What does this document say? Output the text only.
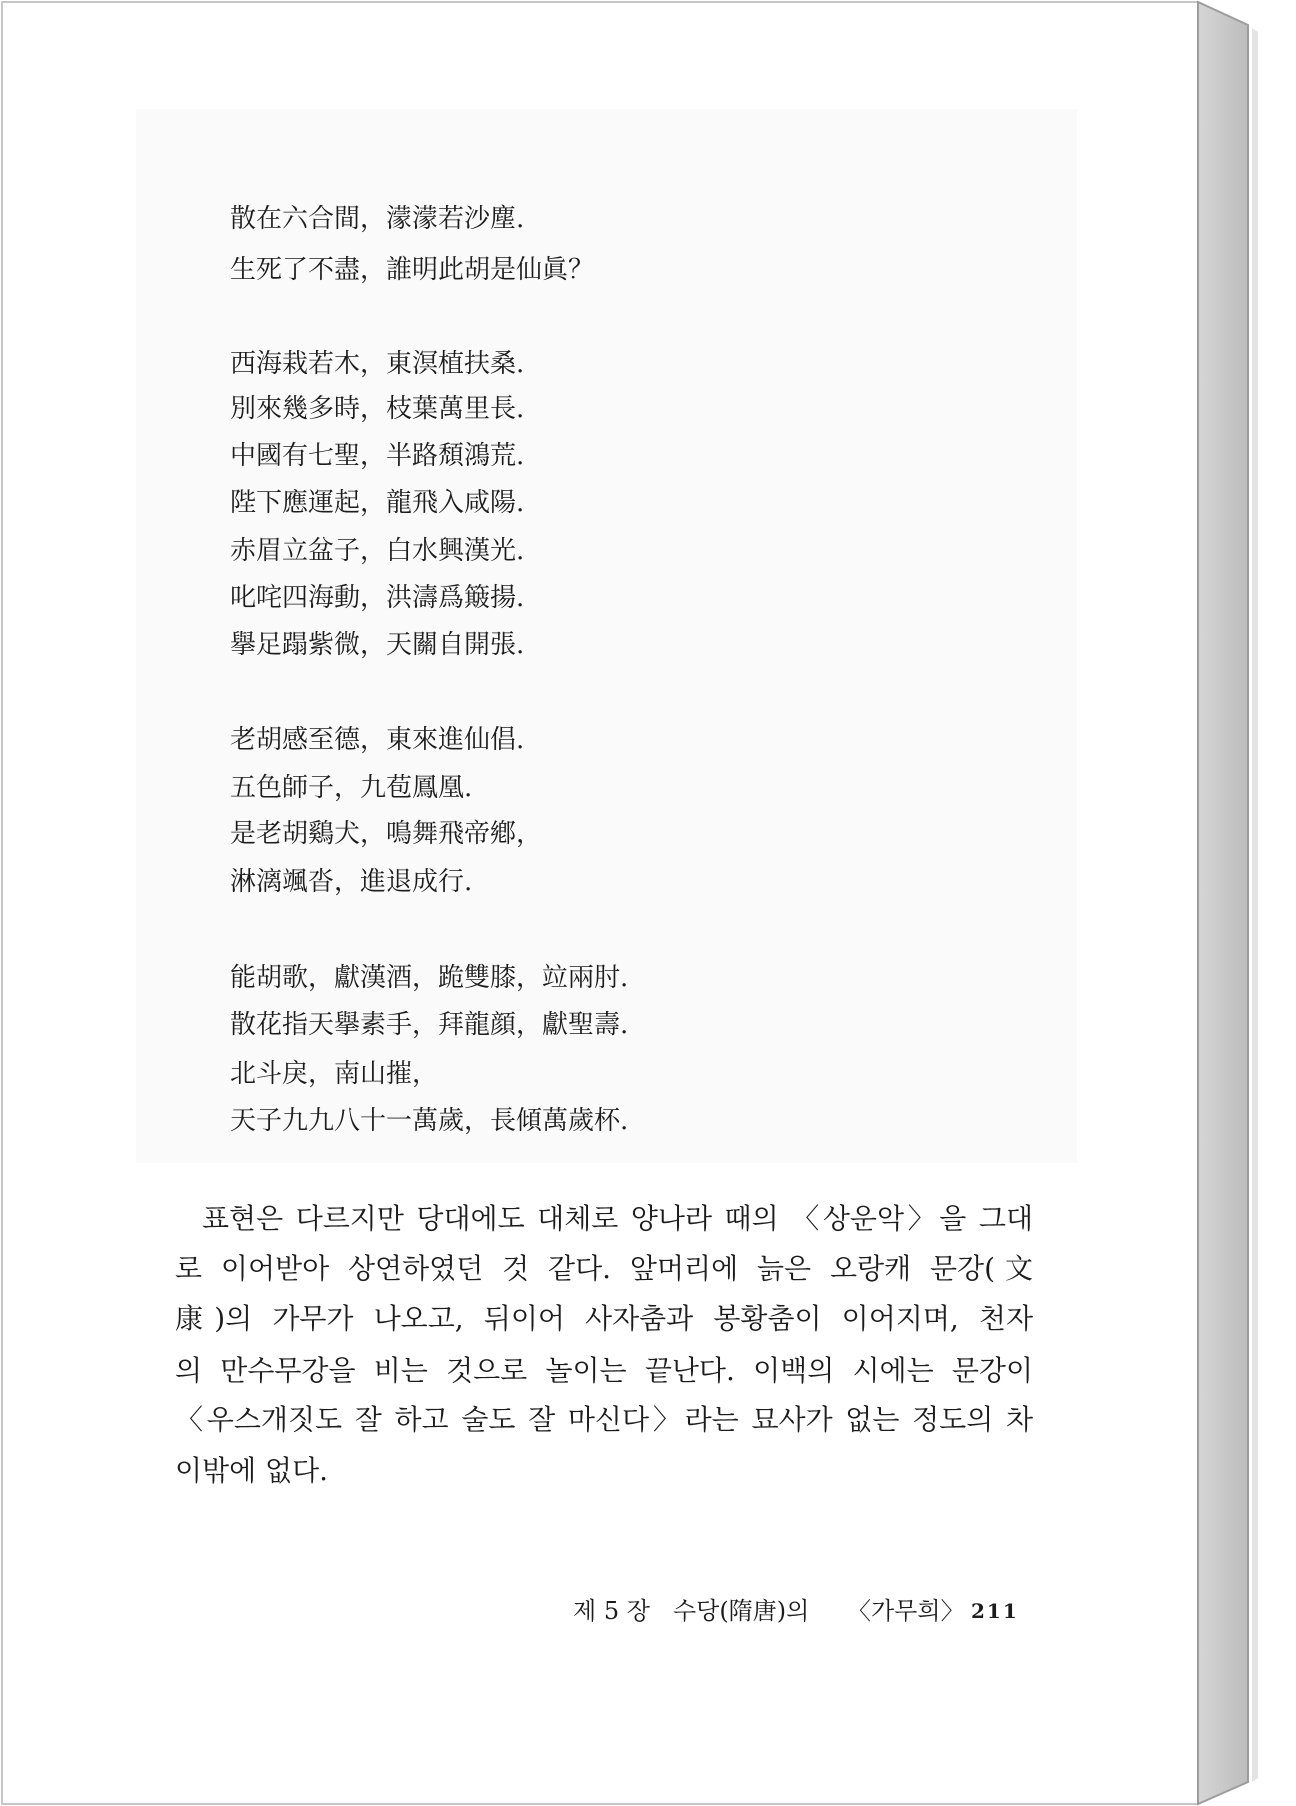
散在六合間，濛濛若沙塵.
生死了不盡，誰明此胡是仙眞？
西海栽若木，東溟植扶桑.
別來幾多時，枝葉萬里長.
中國有七聖，半路頹鴻荒.
陛下應運起，龍飛入咸陽.
赤眉立盆子，白水興漢光.
叱咤四海動，洪濤爲簸揚.
擧足蹋紫微，天關自開張.
老胡感至德，東來進仙倡.
五色師子，九苞鳳凰.
是老胡鷄犬，鳴舞飛帝鄕，
淋漓颯沓，進退成行.
能胡歌，獻漢酒，跪雙膝，竝兩肘.
散花指天擧素手，拜龍顔，獻聖壽.
北斗戾，南山摧，
天子九九八十一萬歲，長傾萬歲杯.
표현은 다르지만 당대에도 대체로 양나라 때의 〈상운악〉을 그대
로 이어받아 상연하였던 것 같다. 앞머리에 늙은 오랑캐 문강(文
康)의 가무가 나오고, 뒤이어 사자춤과 봉황춤이 이어지며, 천자
의 만수무강을 비는 것으로 놀이는 끝난다. 이백의 시에는 문강이
〈우스개짓도 잘 하고 술도 잘 마신다〉라는 묘사가 없는 정도의 차
이밖에 없다.
제 5 장 수당(隋唐)의 〈가무희〉 211
